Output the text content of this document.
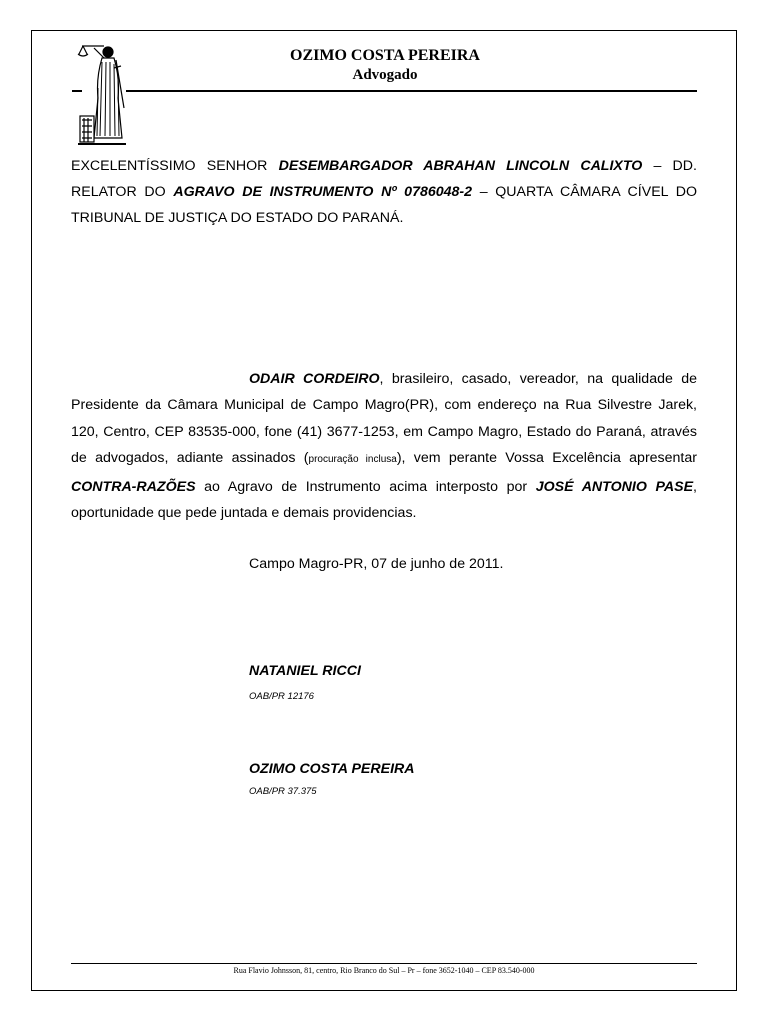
OZIMO COSTA PEREIRA
Advogado
EXCELENTÍSSIMO SENHOR DESEMBARGADOR ABRAHAN LINCOLN CALIXTO – DD. RELATOR DO AGRAVO DE INSTRUMENTO Nº 0786048-2 – QUARTA CÂMARA CÍVEL DO TRIBUNAL DE JUSTIÇA DO ESTADO DO PARANÁ.
ODAIR CORDEIRO, brasileiro, casado, vereador, na qualidade de Presidente da Câmara Municipal de Campo Magro(PR), com endereço na Rua Silvestre Jarek, 120, Centro, CEP 83535-000, fone (41) 3677-1253, em Campo Magro, Estado do Paraná, através de advogados, adiante assinados (procuração inclusa), vem perante Vossa Excelência apresentar CONTRA-RAZÕES ao Agravo de Instrumento acima interposto por JOSÉ ANTONIO PASE, oportunidade que pede juntada e demais providencias.
Campo Magro-PR, 07 de junho de 2011.
NATANIEL RICCI
OAB/PR 12176
OZIMO COSTA PEREIRA
OAB/PR 37.375
Rua Flavio Johnsson, 81, centro, Rio Branco do Sul – Pr – fone 3652-1040 – CEP 83.540-000
